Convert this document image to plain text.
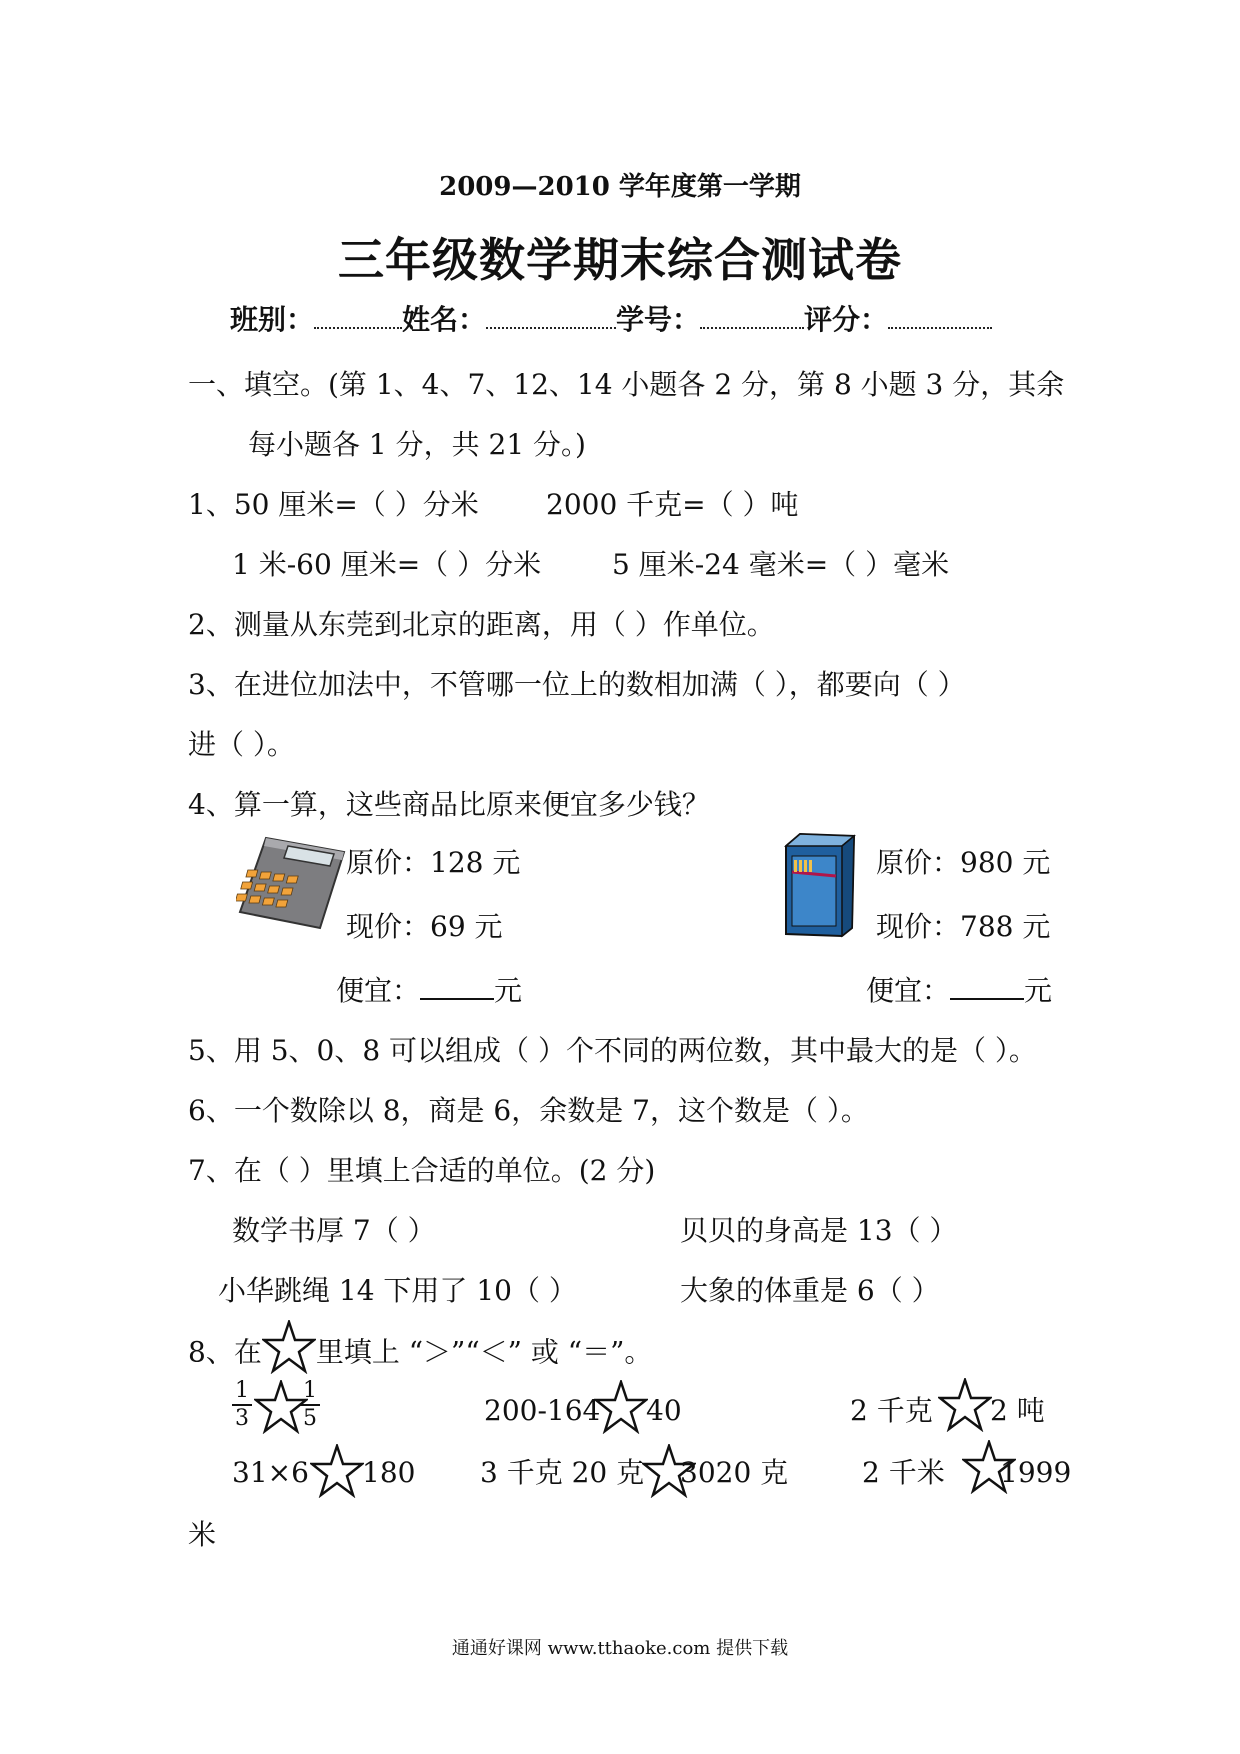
2009—2010 学年度第一学期
三年级数学期末综合测试卷
班别：	姓名：	学号：	评分：
一、填空。(第 1、4、7、12、14 小题各 2 分，第 8 小题 3 分，其余
每小题各 1 分，共 21 分。)
1、50 厘米=（ ）分米 2000 千克=（ ）吨
1 米-60 厘米=（ ）分米	5 厘米-24 毫米=（ ）毫米
2、测量从东莞到北京的距离，用（ ）作单位。
3、在进位加法中，不管哪一位上的数相加满（ ），都要向（ ）
进（ ）。
4、算一算，这些商品比原来便宜多少钱？
原价：128 元
现价：69 元
原价：980 元
现价：788 元
便宜：	元	便宜：	元
5、用 5、0、8 可以组成（ ）个不同的两位数，其中最大的是（ ）。
6、一个数除以 8，商是 6，余数是 7，这个数是（ ）。
7、在（ ）里填上合适的单位。(2 分)
数学书厚 7（ ）	贝贝的身高是 13（ ）
小华跳绳 14 下用了 10（ ）	大象的体重是 6（ ）
8、在 里填上 “＞”“＜” 或 “＝”。
$\frac{1}{3} \frac{1}{5}$	200-164 40	2 千克 2 吨
31×6 180 3 千克 20 克 3020 克	2 千米 1999
米
通通好课网 www.tthaoke.com 提供下载
